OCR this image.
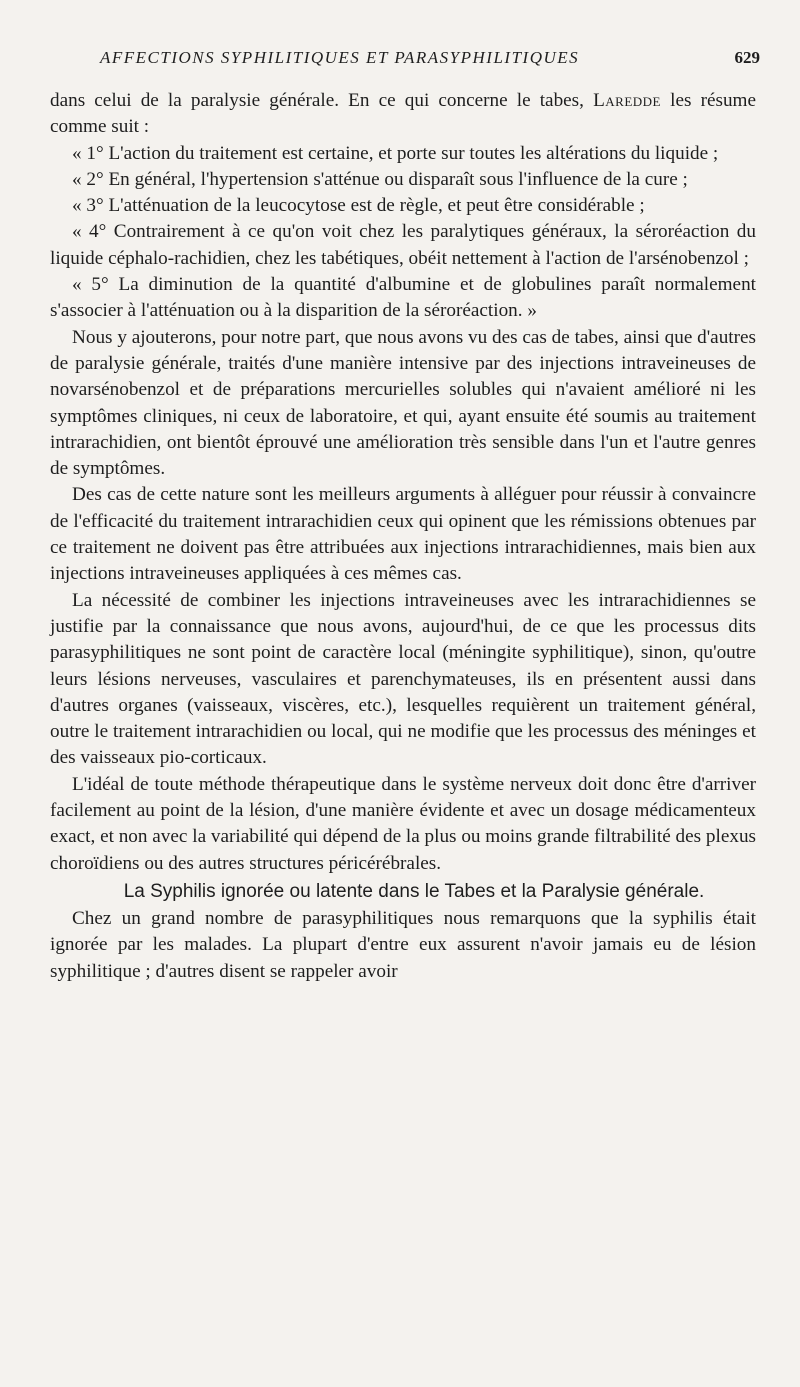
AFFECTIONS SYPHILITIQUES ET PARASYPHILITIQUES	629

dans celui de la paralysie générale. En ce qui concerne le tabes, Laredde les résume comme suit :

« 1° L'action du traitement est certaine, et porte sur toutes les altérations du liquide ;

« 2° En général, l'hypertension s'atténue ou disparaît sous l'influence de la cure ;

« 3° L'atténuation de la leucocytose est de règle, et peut être considérable ;

« 4° Contrairement à ce qu'on voit chez les paralytiques généraux, la séroréaction du liquide céphalo-rachidien, chez les tabétiques, obéit nettement à l'action de l'arsénobenzol ;

« 5° La diminution de la quantité d'albumine et de globulines paraît normalement s'associer à l'atténuation ou à la disparition de la séroréaction. »

Nous y ajouterons, pour notre part, que nous avons vu des cas de tabes, ainsi que d'autres de paralysie générale, traités d'une manière intensive par des injections intraveineuses de novarsénobenzol et de préparations mercurielles solubles qui n'avaient amélioré ni les symptômes cliniques, ni ceux de laboratoire, et qui, ayant ensuite été soumis au traitement intrarachidien, ont bientôt éprouvé une amélioration très sensible dans l'un et l'autre genres de symptômes.

Des cas de cette nature sont les meilleurs arguments à alléguer pour réussir à convaincre de l'efficacité du traitement intrarachidien ceux qui opinent que les rémissions obtenues par ce traitement ne doivent pas être attribuées aux injections intrarachidiennes, mais bien aux injections intraveineuses appliquées à ces mêmes cas.

La nécessité de combiner les injections intraveineuses avec les intrarachidiennes se justifie par la connaissance que nous avons, aujourd'hui, de ce que les processus dits parasyphilitiques ne sont point de caractère local (méningite syphilitique), sinon, qu'outre leurs lésions nerveuses, vasculaires et parenchymateuses, ils en présentent aussi dans d'autres organes (vaisseaux, viscères, etc.), lesquelles requièrent un traitement général, outre le traitement intrarachidien ou local, qui ne modifie que les processus des méninges et des vaisseaux pio-corticaux.

L'idéal de toute méthode thérapeutique dans le système nerveux doit donc être d'arriver facilement au point de la lésion, d'une manière évidente et avec un dosage médicamenteux exact, et non avec la variabilité qui dépend de la plus ou moins grande filtrabilité des plexus choroïdiens ou des autres structures péricérébrales.

La Syphilis ignorée ou latente dans le Tabes et la Paralysie générale.

Chez un grand nombre de parasyphilitiques nous remarquons que la syphilis était ignorée par les malades. La plupart d'entre eux assurent n'avoir jamais eu de lésion syphilitique ; d'autres disent se rappeler avoir
